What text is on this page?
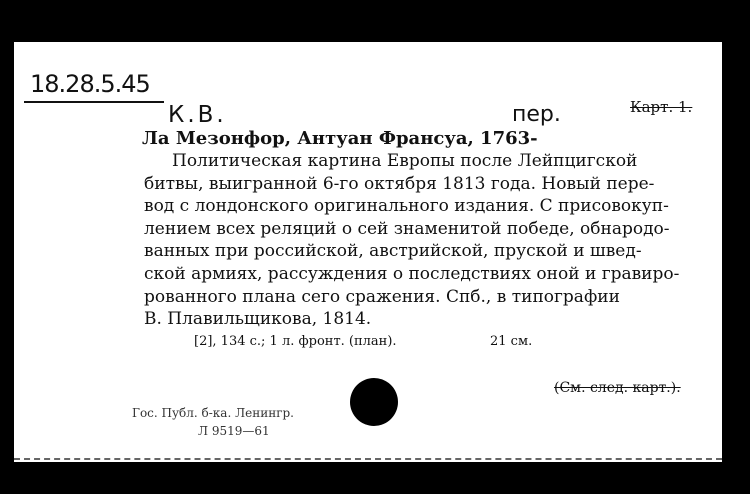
18.28.5.45
К.В.	пер.	Карт. 1.
Ла Мезонфор, Антуан Франсуа, 1763-
Политическая картина Европы после Лейпцигской
битвы, выигранной 6-го октября 1813 года. Новый пере-
вод с лондонского оригинального издания. С присовокуп-
лением всех реляций о сей знаменитой победе, обнародо-
ванных при российской, австрийской, пруской и швед-
ской армиях, рассуждения о последствиях оной и гравиро-
рованного плана сего сражения. Спб., в типографии
В. Плавильщикова, 1814.
[2], 134 с.; 1 л. фронт. (план).	21 см.
(См. след. карт.).
Гос. Публ. б-ка. Ленингр.
Л 9519—61
